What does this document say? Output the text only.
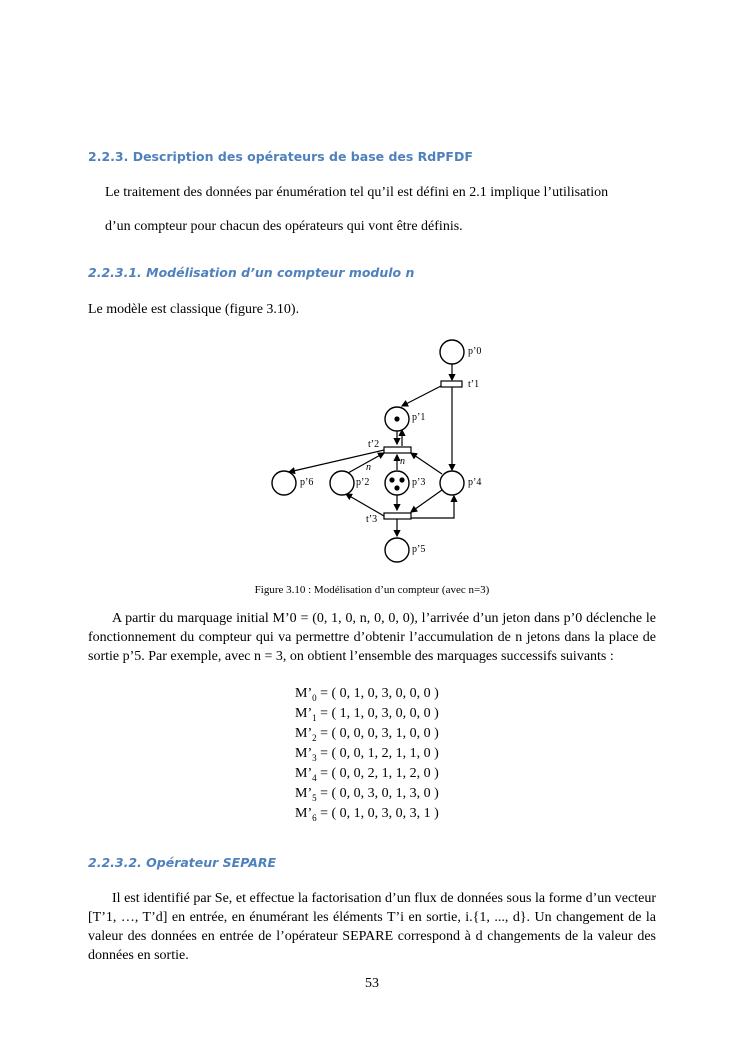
2.2.3. Description des opérateurs de base des RdPFDF
Le traitement des données par énumération tel qu’il est défini en 2.1 implique l’utilisation
d’un compteur pour chacun des opérateurs qui vont être définis.
2.2.3.1. Modélisation d’un compteur modulo n
Le modèle est classique (figure 3.10).
p’0
t’1
p’1
t’2
n
n
p’6	p’2	p’3	p’4
t’3
p’5
Figure 3.10 : Modélisation d’un compteur (avec n=3)
A partir du marquage initial M’0 = (0, 1, 0, n, 0, 0, 0), l’arrivée d’un jeton dans p’0 déclenche le fonctionnement du compteur qui va permettre d’obtenir l’accumulation de n jetons dans la place de sortie p’5. Par exemple, avec n = 3, on obtient l’ensemble des marquages successifs suivants :
$M’_0$ = ( 0, 1, 0, 3, 0, 0, 0 )
$M’_1$ = ( 1, 1, 0, 3, 0, 0, 0 )
$M’_2$ = ( 0, 0, 0, 3, 1, 0, 0 )
$M’_3$ = ( 0, 0, 1, 2, 1, 1, 0 )
$M’_4$ = ( 0, 0, 2, 1, 1, 2, 0 )
$M’_5$ = ( 0, 0, 3, 0, 1, 3, 0 )
$M’_6$ = ( 0, 1, 0, 3, 0, 3, 1 )
2.2.3.2. Opérateur SEPARE
Il est identifié par Se, et effectue la factorisation d’un flux de données sous la forme d’un vecteur [T’1, …, T’d] en entrée, en énumérant les éléments T’i en sortie, i.{1, ..., d}. Un changement de la valeur des données en entrée de l’opérateur SEPARE correspond à d changements de la valeur des données en sortie.
53
